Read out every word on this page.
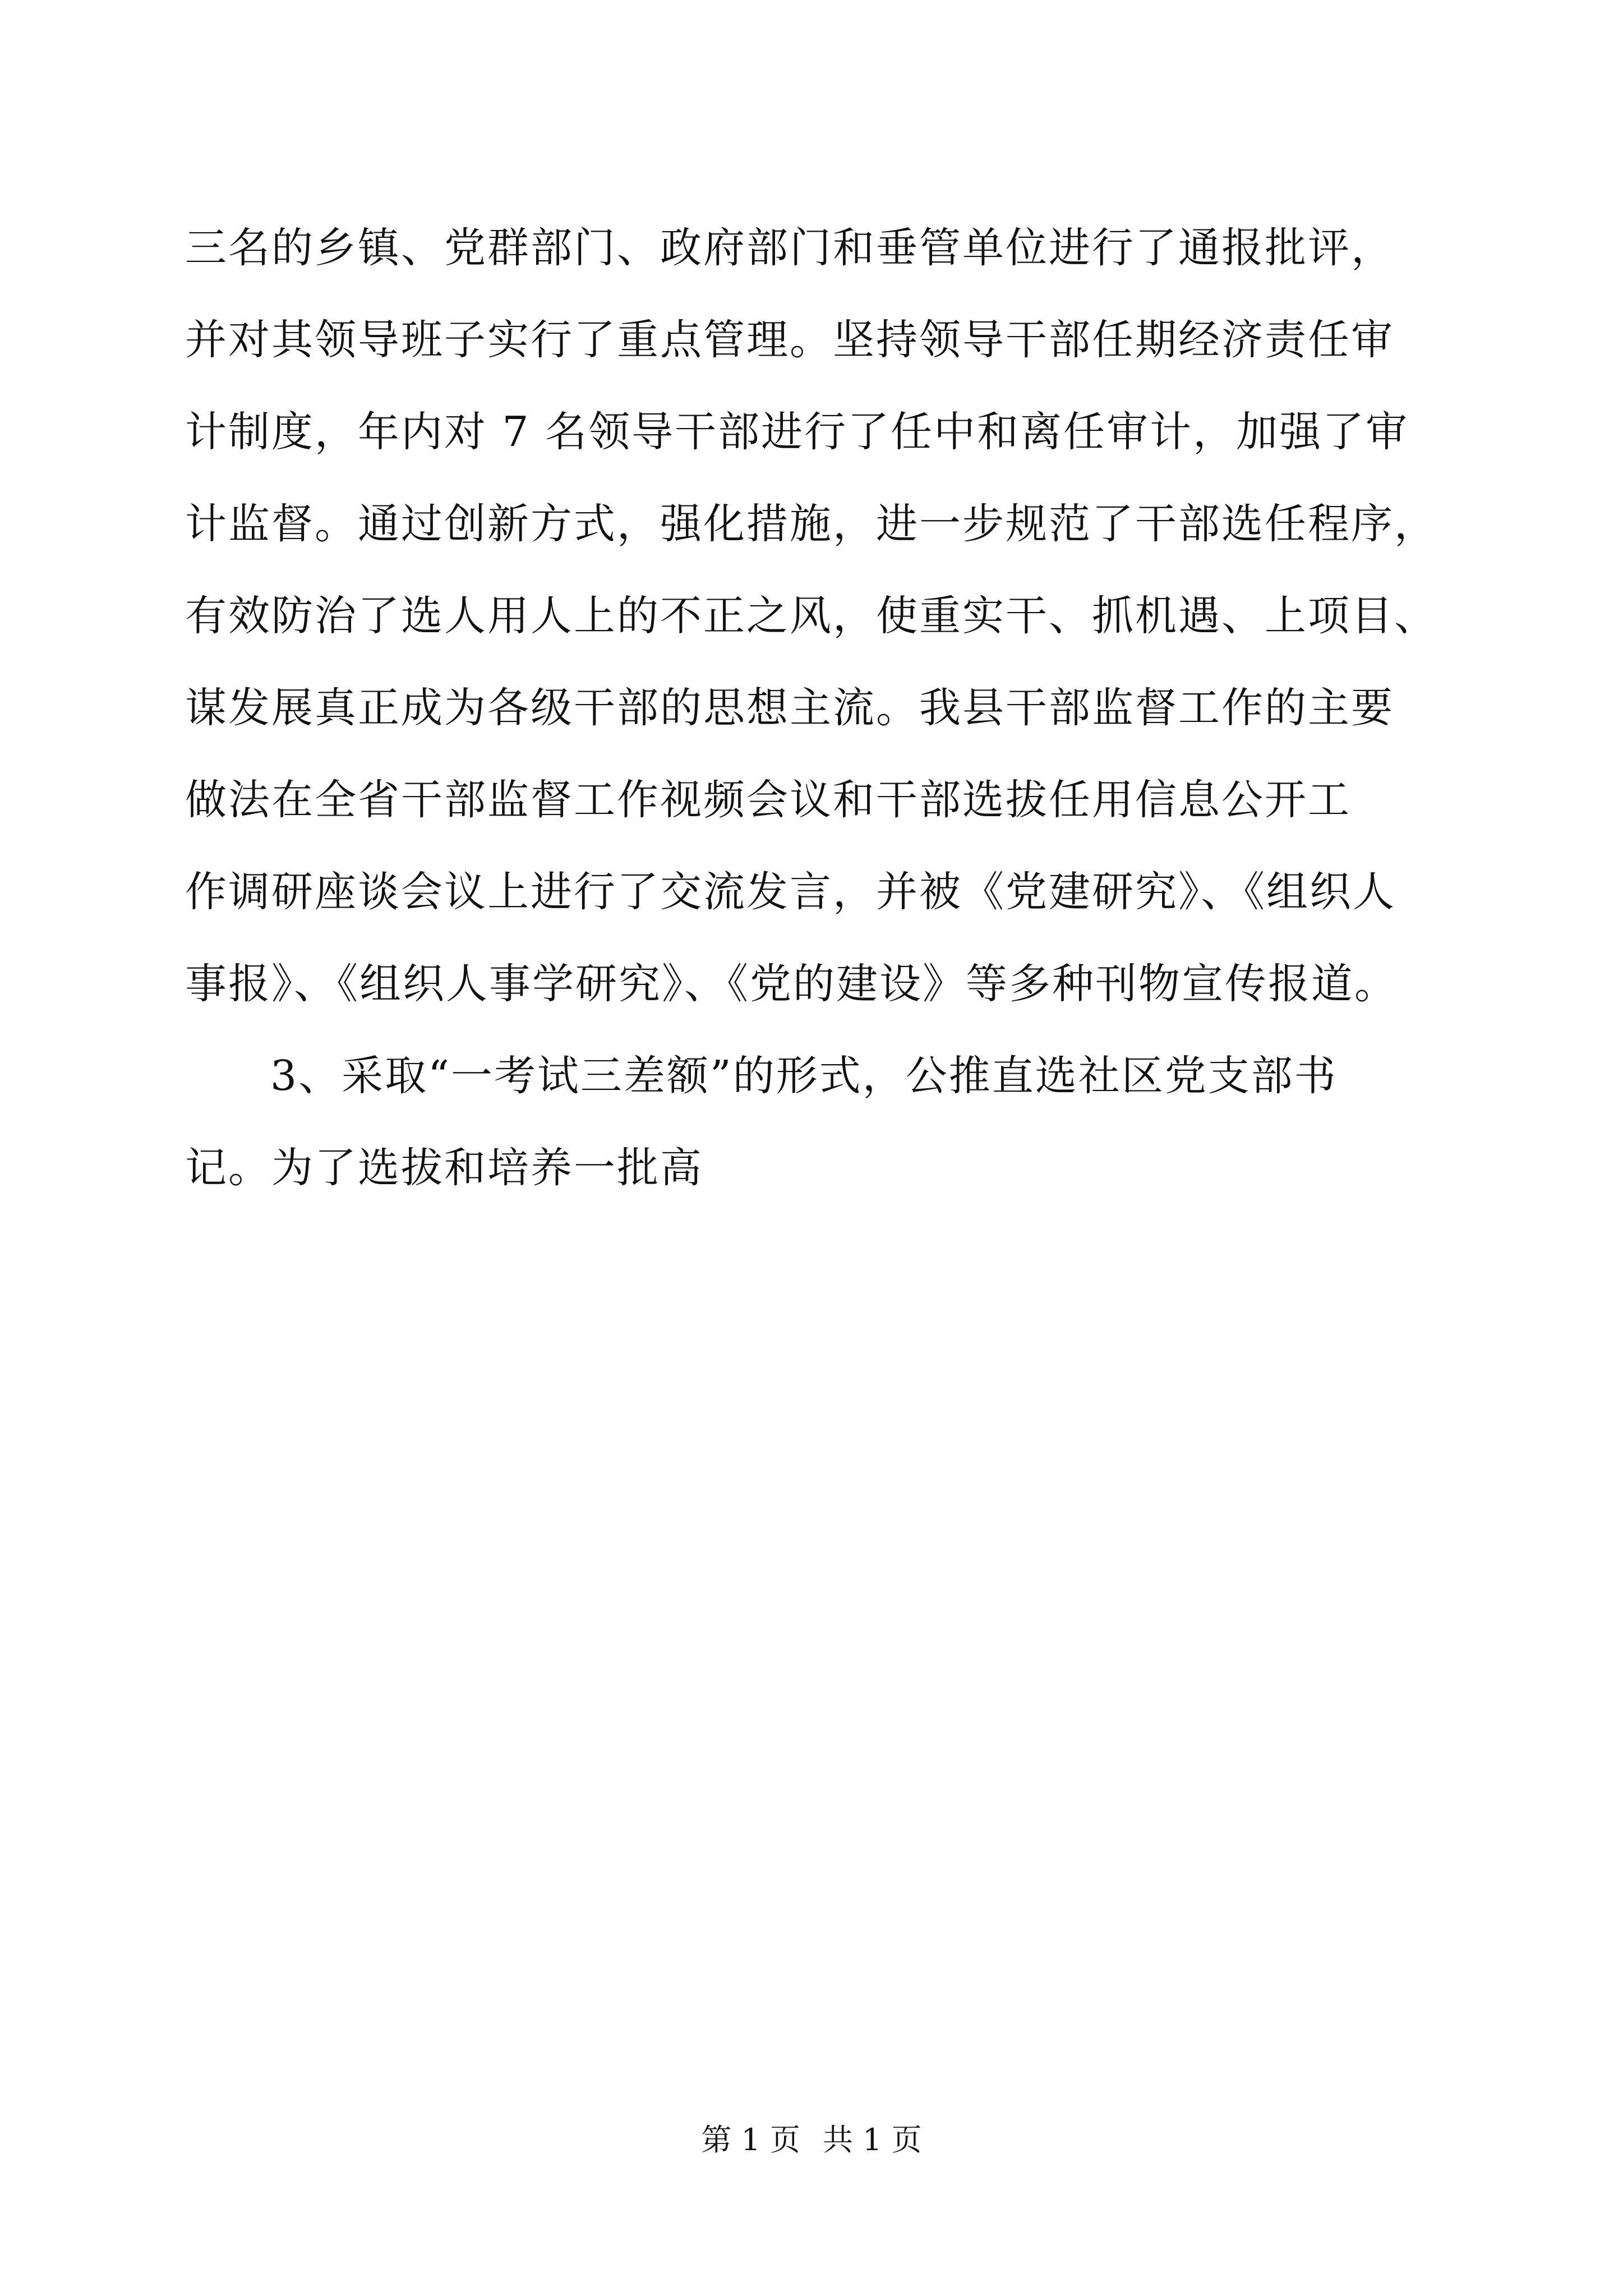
三名的乡镇、党群部门、政府部门和垂管单位进行了通报批评，
并对其领导班子实行了重点管理。坚持领导干部任期经济责任审
计制度，年内对 7 名领导干部进行了任中和离任审计，加强了审
计监督。通过创新方式，强化措施，进一步规范了干部选任程序，
有效防治了选人用人上的不正之风，使重实干、抓机遇、上项目、
谋发展真正成为各级干部的思想主流。我县干部监督工作的主要
做法在全省干部监督工作视频会议和干部选拔任用信息公开工
作调研座谈会议上进行了交流发言，并被《党建研究》、《组织人
事报》、《组织人事学研究》、《党的建设》等多种刊物宣传报道。
3、采取“一考试三差额”的形式，公推直选社区党支部书
记。为了选拔和培养一批高
第 1 页 共 1 页
